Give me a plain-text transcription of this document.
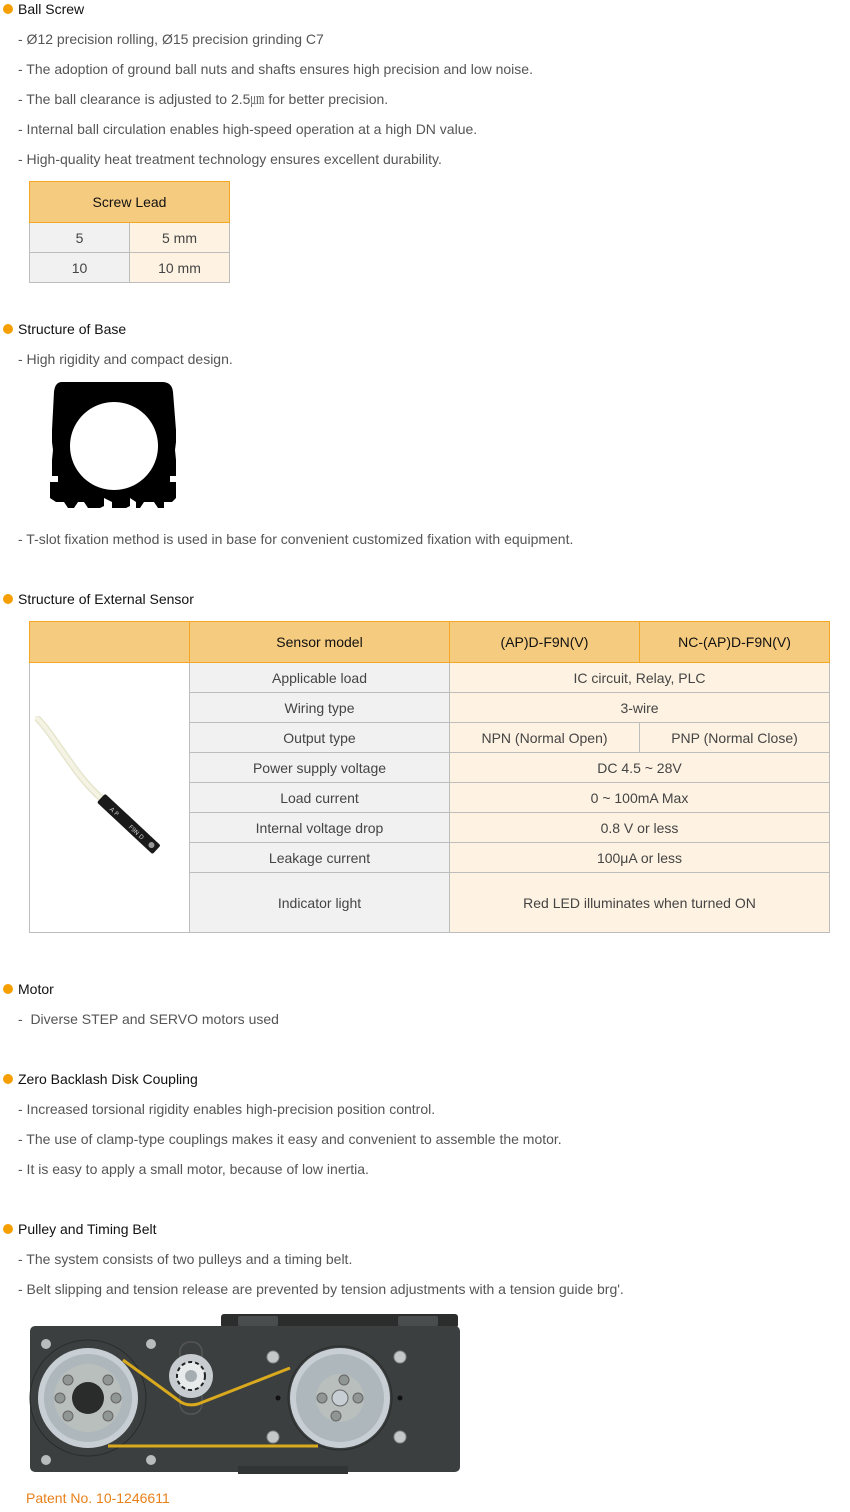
Ball Screw
- Ø12 precision rolling, Ø15 precision grinding C7
- The adoption of ground ball nuts and shafts ensures high precision and low noise.
- The ball clearance is adjusted to 2.5㎛ for better precision.
- Internal ball circulation enables high-speed operation at a high DN value.
- High-quality heat treatment technology ensures excellent durability.
Screw Lead	
5	5 mm
10	10 mm
Structure of Base
- High rigidity and compact design.
- T-slot fixation method is used in base for convenient customized fixation with equipment.
Structure of External Sensor
	Sensor model	(AP)D-F9N(V)	NC-(AP)D-F9N(V)

A P
F9N D	Applicable load	IC circuit, Relay, PLC	
	Wiring type	3-wire	
	Output type	NPN (Normal Open)	PNP (Normal Close)
	Power supply voltage	DC 4.5 ~ 28V	
	Load current	0 ~ 100mA Max	
	Internal voltage drop	0.8 V or less	
	Leakage current	100μA or less	
	Indicator light	Red LED illuminates when turned ON	
Motor
-  Diverse STEP and SERVO motors used
Zero Backlash Disk Coupling
- Increased torsional rigidity enables high-precision position control.
- The use of clamp-type couplings makes it easy and convenient to assemble the motor.
- It is easy to apply a small motor, because of low inertia.
Pulley and Timing Belt
- The system consists of two pulleys and a timing belt.
- Belt slipping and tension release are prevented by tension adjustments with a tension guide brg'.
Patent No. 10-1246611
